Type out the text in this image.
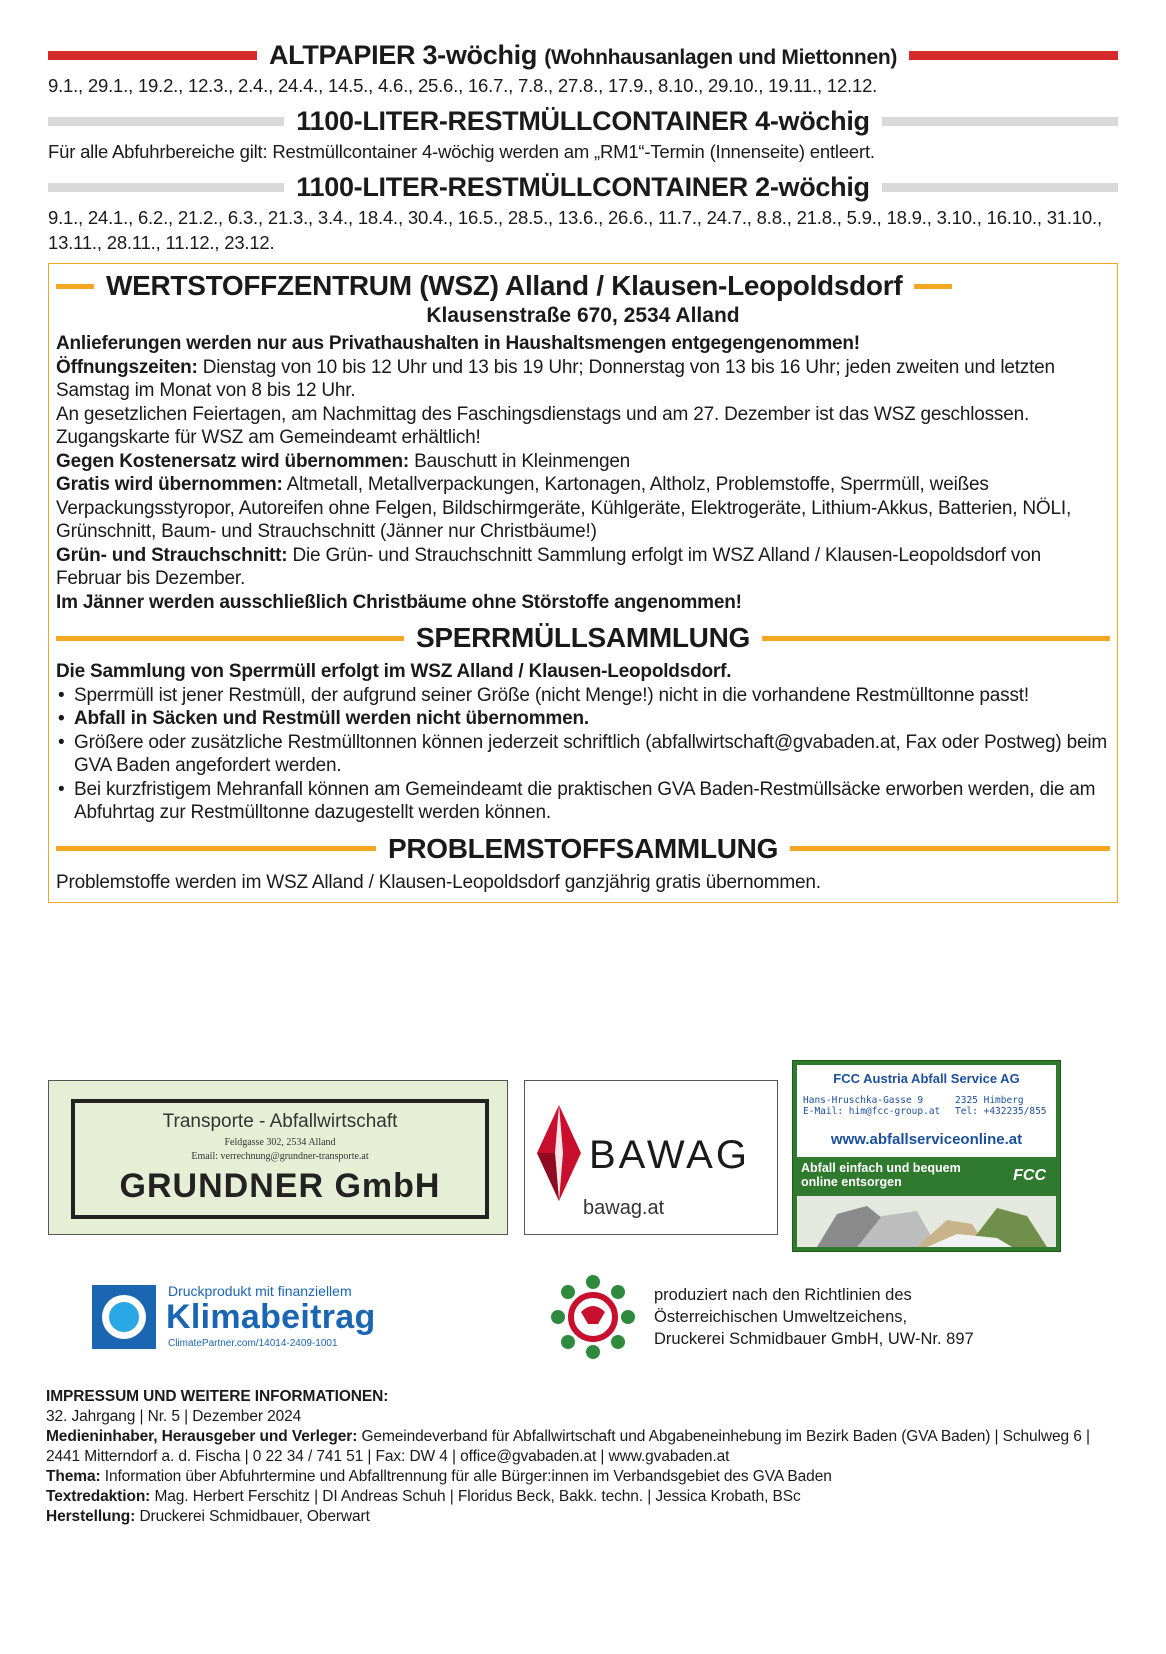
ALTPAPIER 3-wöchig (Wohnhausanlagen und Miettonnen)
9.1., 29.1., 19.2., 12.3., 2.4., 24.4., 14.5., 4.6., 25.6., 16.7., 7.8., 27.8., 17.9., 8.10., 29.10., 19.11., 12.12.
1100-LITER-RESTMÜLLCONTAINER 4-wöchig
Für alle Abfuhrbereiche gilt: Restmüllcontainer 4-wöchig werden am „RM1“-Termin (Innenseite) entleert.
1100-LITER-RESTMÜLLCONTAINER 2-wöchig
9.1., 24.1., 6.2., 21.2., 6.3., 21.3., 3.4., 18.4., 30.4., 16.5., 28.5., 13.6., 26.6., 11.7., 24.7., 8.8., 21.8., 5.9., 18.9., 3.10., 16.10., 31.10., 13.11., 28.11., 11.12., 23.12.
WERTSTOFFZENTRUM (WSZ) Alland / Klausen-Leopoldsdorf
Klausenstraße 670, 2534 Alland
Anlieferungen werden nur aus Privathaushalten in Haushaltsmengen entgegengenommen!
Öffnungszeiten: Dienstag von 10 bis 12 Uhr und 13 bis 19 Uhr; Donnerstag von 13 bis 16 Uhr; jeden zweiten und letzten Samstag im Monat von 8 bis 12 Uhr.
An gesetzlichen Feiertagen, am Nachmittag des Faschingsdienstags und am 27. Dezember ist das WSZ geschlossen.
Zugangskarte für WSZ am Gemeindeamt erhältlich!
Gegen Kostenersatz wird übernommen: Bauschutt in Kleinmengen
Gratis wird übernommen: Altmetall, Metallverpackungen, Kartonagen, Altholz, Problemstoffe, Sperrmüll, weißes Verpackungsstyropor, Autoreifen ohne Felgen, Bildschirmgeräte, Kühlgeräte, Elektrogeräte, Lithium-Akkus, Batterien, NÖLI, Grünschnitt, Baum- und Strauchschnitt (Jänner nur Christbäume!)
Grün- und Strauchschnitt: Die Grün- und Strauchschnitt Sammlung erfolgt im WSZ Alland / Klausen-Leopoldsdorf von Februar bis Dezember.
Im Jänner werden ausschließlich Christbäume ohne Störstoffe angenommen!
SPERRMÜLLSAMMLUNG
Die Sammlung von Sperrmüll erfolgt im WSZ Alland / Klausen-Leopoldsdorf.
• Sperrmüll ist jener Restmüll, der aufgrund seiner Größe (nicht Menge!) nicht in die vorhandene Restmülltonne passt!
• Abfall in Säcken und Restmüll werden nicht übernommen.
• Größere oder zusätzliche Restmülltonnen können jederzeit schriftlich (abfallwirtschaft@gvabaden.at, Fax oder Postweg) beim GVA Baden angefordert werden.
• Bei kurzfristigem Mehranfall können am Gemeindeamt die praktischen GVA Baden-Restmüllsäcke erworben werden, die am Abfuhrtag zur Restmülltonne dazugestellt werden können.
PROBLEMSTOFFSAMMLUNG
Problemstoffe werden im WSZ Alland / Klausen-Leopoldsdorf ganzjährig gratis übernommen.
Transporte - Abfallwirtschaft
Feldgasse 302, 2534 Alland
Email: verrechnung@grundner-transporte.at
GRUNDNER GmbH
BAWAG
bawag.at
FCC Austria Abfall Service AG
Hans-Hruschka-Gasse 9	2325 Himberg
E-Mail: him@fcc-group.at Tel: +432235/855
www.abfallserviceonline.at
Abfall einfach und bequem
online entsorgen	FCC
Druckprodukt mit finanziellem
Klimabeitrag
ClimatePartner.com/14014-2409-1001
produziert nach den Richtlinien des
Österreichischen Umweltzeichens,
Druckerei Schmidbauer GmbH, UW-Nr. 897
IMPRESSUM UND WEITERE INFORMATIONEN:
32. Jahrgang | Nr. 5 | Dezember 2024
Medieninhaber, Herausgeber und Verleger: Gemeindeverband für Abfallwirtschaft und Abgabeneinhebung im Bezirk Baden (GVA Baden) | Schulweg 6 | 2441 Mitterndorf a. d. Fischa | 0 22 34 / 741 51 | Fax: DW 4 | office@gvabaden.at | www.gvabaden.at
Thema: Information über Abfuhrtermine und Abfalltrennung für alle Bürger:innen im Verbandsgebiet des GVA Baden
Textredaktion: Mag. Herbert Ferschitz | DI Andreas Schuh | Floridus Beck, Bakk. techn. | Jessica Krobath, BSc
Herstellung: Druckerei Schmidbauer, Oberwart
